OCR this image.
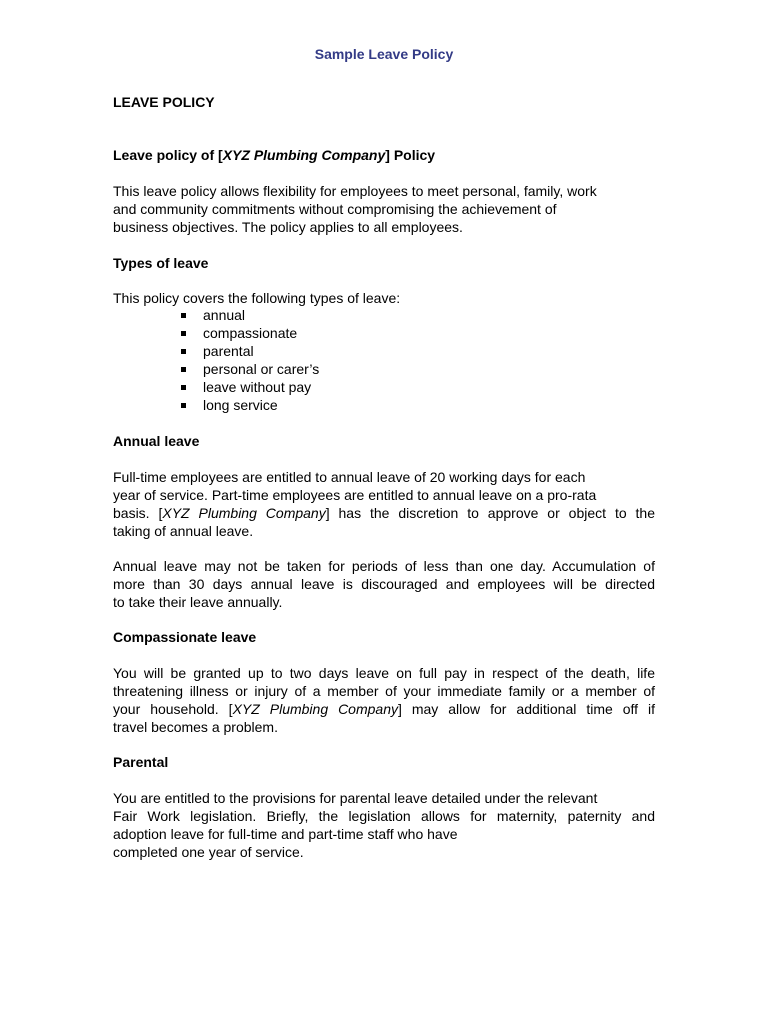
Sample Leave Policy
LEAVE POLICY
Leave policy of [XYZ Plumbing Company] Policy
This leave policy allows flexibility for employees to meet personal, family, work
and community commitments without compromising the achievement of
business objectives. The policy applies to all employees.
Types of leave
This policy covers the following types of leave:
annual
compassionate
parental
personal or carer’s
leave without pay
long service
Annual leave
Full-time employees are entitled to annual leave of 20 working days for each
year of service. Part-time employees are entitled to annual leave on a pro-rata
basis. [XYZ Plumbing Company] has the discretion to approve or object to the
taking of annual leave.
Annual leave may not be taken for periods of less than one day. Accumulation of
more than 30 days annual leave is discouraged and employees will be directed
to take their leave annually.
Compassionate leave
You will be granted up to two days leave on full pay in respect of the death, life
threatening illness or injury of a member of your immediate family or a member of
your household. [XYZ Plumbing Company] may allow for additional time off if
travel becomes a problem.
Parental
You are entitled to the provisions for parental leave detailed under the relevant
Fair Work legislation. Briefly, the legislation allows for maternity, paternity and
adoption leave for full-time and part-time staff who have
completed one year of service.
